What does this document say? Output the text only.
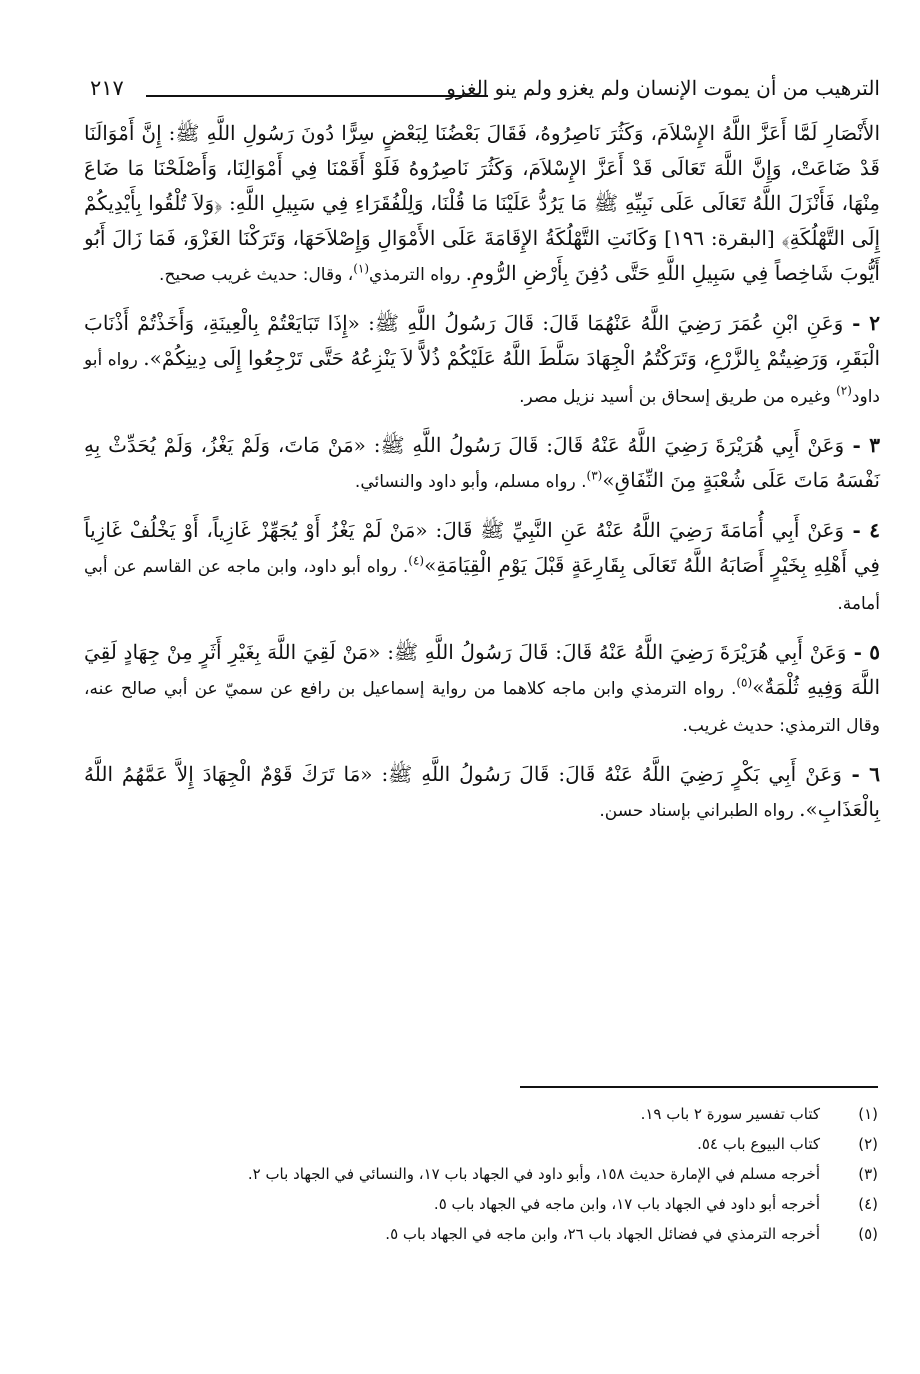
الترهيب من أن يموت الإنسان ولم يغزو ولم ينو الغزو
٢١٧

الأَنْصَارِ لَمَّا أَعَزَّ اللَّهُ الإِسْلاَمَ، وَكَثُرَ نَاصِرُوهُ، فَقَالَ بَعْضُنَا لِبَعْضٍ سِرًّا دُونَ رَسُولِ اللَّهِ ﷺ: إِنَّ أَمْوَالَنَا قَدْ ضَاعَتْ، وَإِنَّ اللَّهَ تَعَالَى قَدْ أَعَزَّ الإِسْلاَمَ، وَكَثُرَ نَاصِرُوهُ فَلَوْ أَقَمْنَا فِي أَمْوَالِنَا، وَأَصْلَحْنَا مَا ضَاعَ مِنْهَا، فَأَنْزَلَ اللَّهُ تَعَالَى عَلَى نَبِيِّهِ ﷺ مَا يَرُدُّ عَلَيْنَا مَا قُلْنَا، وَلِلْفُقَرَاءِ فِي سَبِيلِ اللَّهِ: ﴿وَلاَ تُلْقُوا بِأَيْدِيكُمْ إِلَى التَّهْلُكَةِ﴾ [البقرة: ١٩٦] وَكَانَتِ التَّهْلُكَةُ الإِقَامَةَ عَلَى الأَمْوَالِ وَإِصْلاَحَهَا، وَتَرَكْنَا الغَزْوَ، فَمَا زَالَ أَبُو أَيُّوبَ شَاخِصاً فِي سَبِيلِ اللَّهِ حَتَّى دُفِنَ بِأَرْضِ الرُّومِ. رواه الترمذي$^{(١)}$، وقال: حديث غريب صحيح.

٢ - وَعَنِ ابْنِ عُمَرَ رَضِيَ اللَّهُ عَنْهُمَا قَالَ: قَالَ رَسُولُ اللَّهِ ﷺ: «إِذَا تَبَايَعْتُمْ بِالْعِينَةِ، وَأَخَذْتُمْ أَذْنَابَ الْبَقَرِ، وَرَضِيتُمْ بِالزَّرْعِ، وَتَرَكْتُمُ الْجِهَادَ سَلَّطَ اللَّهُ عَلَيْكُمْ ذُلاًّ لاَ يَنْزِعُهُ حَتَّى تَرْجِعُوا إِلَى دِينِكُمْ». رواه أبو داود$^{(٢)}$ وغيره من طريق إسحاق بن أسيد نزيل مصر.

٣ - وَعَنْ أَبِي هُرَيْرَةَ رَضِيَ اللَّهُ عَنْهُ قَالَ: قَالَ رَسُولُ اللَّهِ ﷺ: «مَنْ مَاتَ، وَلَمْ يَغْزُ، وَلَمْ يُحَدِّثْ بِهِ نَفْسَهُ مَاتَ عَلَى شُعْبَةٍ مِنَ النِّفَاقِ»$^{(٣)}$. رواه مسلم، وأبو داود والنسائي.

٤ - وَعَنْ أَبِي أُمَامَةَ رَضِيَ اللَّهُ عَنْهُ عَنِ النَّبِيِّ ﷺ قَالَ: «مَنْ لَمْ يَغْزُ أَوْ يُجَهِّزْ غَازِياً، أَوْ يَخْلُفْ غَازِياً فِي أَهْلِهِ بِخَيْرٍ أَصَابَهُ اللَّهُ تَعَالَى بِقَارِعَةٍ قَبْلَ يَوْمِ الْقِيَامَةِ»$^{(٤)}$. رواه أبو داود، وابن ماجه عن القاسم عن أبي أمامة.

٥ - وَعَنْ أَبِي هُرَيْرَةَ رَضِيَ اللَّهُ عَنْهُ قَالَ: قَالَ رَسُولُ اللَّهِ ﷺ: «مَنْ لَقِيَ اللَّهَ بِغَيْرِ أَثَرٍ مِنْ جِهَادٍ لَقِيَ اللَّهَ وَفِيهِ ثُلْمَةٌ»$^{(٥)}$. رواه الترمذي وابن ماجه كلاهما من رواية إسماعيل بن رافع عن سميّ عن أبي صالح عنه، وقال الترمذي: حديث غريب.

٦ - وَعَنْ أَبِي بَكْرٍ رَضِيَ اللَّهُ عَنْهُ قَالَ: قَالَ رَسُولُ اللَّهِ ﷺ: «مَا تَرَكَ قَوْمٌ الْجِهَادَ إِلاَّ عَمَّهُمُ اللَّهُ بِالْعَذَابِ». رواه الطبراني بإسناد حسن.

(١)
كتاب تفسير سورة ٢ باب ١٩.
(٢)
كتاب البيوع باب ٥٤.
(٣)
أخرجه مسلم في الإمارة حديث ١٥٨، وأبو داود في الجهاد باب ١٧، والنسائي في الجهاد باب ٢.
(٤)
أخرجه أبو داود في الجهاد باب ١٧، وابن ماجه في الجهاد باب ٥.
(٥)
أخرجه الترمذي في فضائل الجهاد باب ٢٦، وابن ماجه في الجهاد باب ٥.
